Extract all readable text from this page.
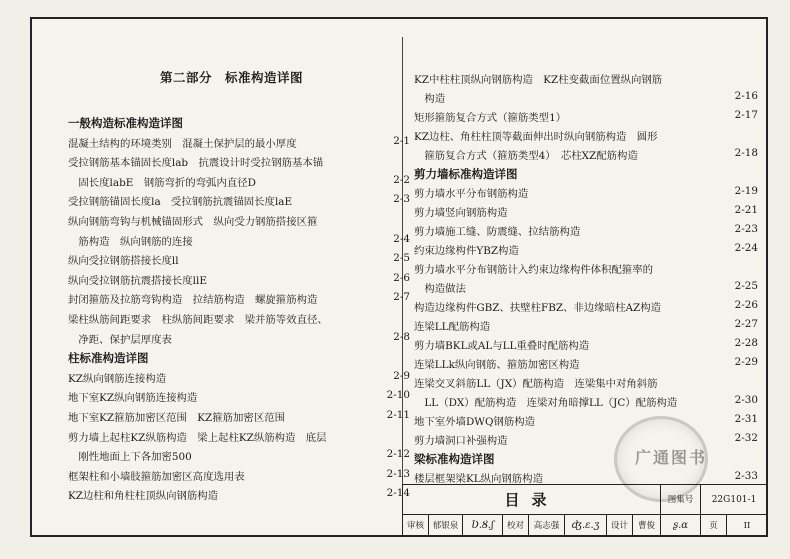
第二部分　标准构造详图
一般构造标准构造详图
混凝土结构的环境类别　混凝土保护层的最小厚度	2-1
受拉钢筋基本锚固长度lab　抗震设计时受拉钢筋基本锚
　固长度labE　钢筋弯折的弯弧内直径D	2-2
受拉钢筋锚固长度la　受拉钢筋抗震锚固长度laE	2-3
纵向钢筋弯钩与机械锚固形式　纵向受力钢筋搭接区箍
　筋构造　纵向钢筋的连接	2-4
纵向受拉钢筋搭接长度ll	2-5
纵向受拉钢筋抗震搭接长度llE	2-6
封闭箍筋及拉筋弯钩构造　拉结筋构造　螺旋箍筋构造	2-7
梁柱纵筋间距要求　柱纵筋间距要求　梁并筋等效直径、
　净距、保护层厚度表	2-8
柱标准构造详图
KZ纵向钢筋连接构造	2-9
地下室KZ纵向钢筋连接构造	2-10
地下室KZ箍筋加密区范围　KZ箍筋加密区范围	2-11
剪力墙上起柱KZ纵筋构造　梁上起柱KZ纵筋构造　底层
　刚性地面上下各加密500	2-12
框架柱和小墙肢箍筋加密区高度选用表	2-13
KZ边柱和角柱柱顶纵向钢筋构造	2-14
KZ中柱柱顶纵向钢筋构造　KZ柱变截面位置纵向钢筋
　构造	2-16
矩形箍筋复合方式（箍筋类型1）	2-17
KZ边柱、角柱柱顶等截面伸出时纵向钢筋构造　圆形
　箍筋复合方式（箍筋类型4）　芯柱XZ配筋构造	2-18
剪力墙标准构造详图
剪力墙水平分布钢筋构造	2-19
剪力墙竖向钢筋构造	2-21
剪力墙施工缝、防震缝、拉结筋构造	2-23
约束边缘构件YBZ构造	2-24
剪力墙水平分布钢筋计入约束边缘构件体积配箍率的
　构造做法	2-25
构造边缘构件GBZ、扶壁柱FBZ、非边缘暗柱AZ构造	2-26
连梁LL配筋构造	2-27
剪力墙BKL或AL与LL重叠时配筋构造	2-28
连梁LLk纵向钢筋、箍筋加密区构造	2-29
连梁交叉斜筋LL（JX）配筋构造　连梁集中对角斜筋
　LL（DX）配筋构造　连梁对角暗撑LL（JC）配筋构造	2-30
地下室外墙DWQ钢筋构造	2-31
剪力墙洞口补强构造	2-32
梁标准构造详图
楼层框架梁KL纵向钢筋构造	2-33
广通图书
目录	图集号	22G101-1
审核	郁银泉	Ʋ.Ȣ.ʃ	校对	高志强	ʤ.ɛ.ʒ	设计	曹俊	ʂ.ɑ	页	II
